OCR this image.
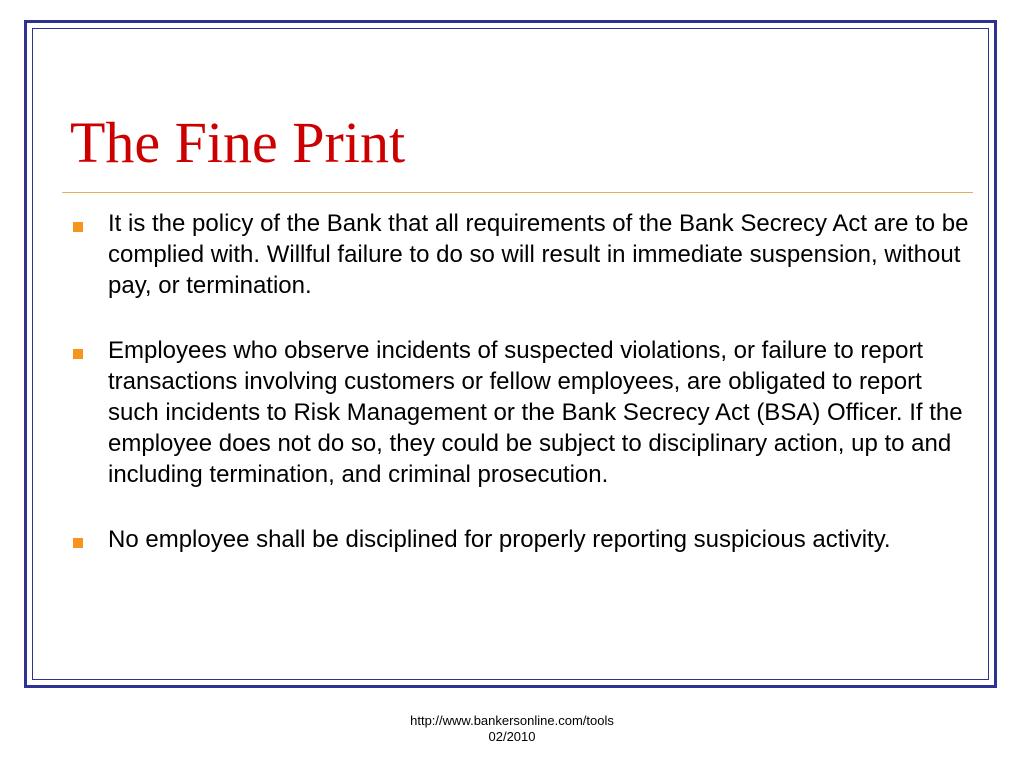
The Fine Print
It is the policy of the Bank that all requirements of the Bank Secrecy Act are to be complied with. Willful failure to do so will result in immediate suspension, without pay, or termination.
Employees who observe incidents of suspected violations, or failure to report transactions involving customers or fellow employees, are obligated to report such incidents to Risk Management or the Bank Secrecy Act (BSA) Officer. If the employee does not do so, they could be subject to disciplinary action, up to and including termination, and criminal prosecution.
No employee shall be disciplined for properly reporting suspicious activity.
http://www.bankersonline.com/tools
02/2010
